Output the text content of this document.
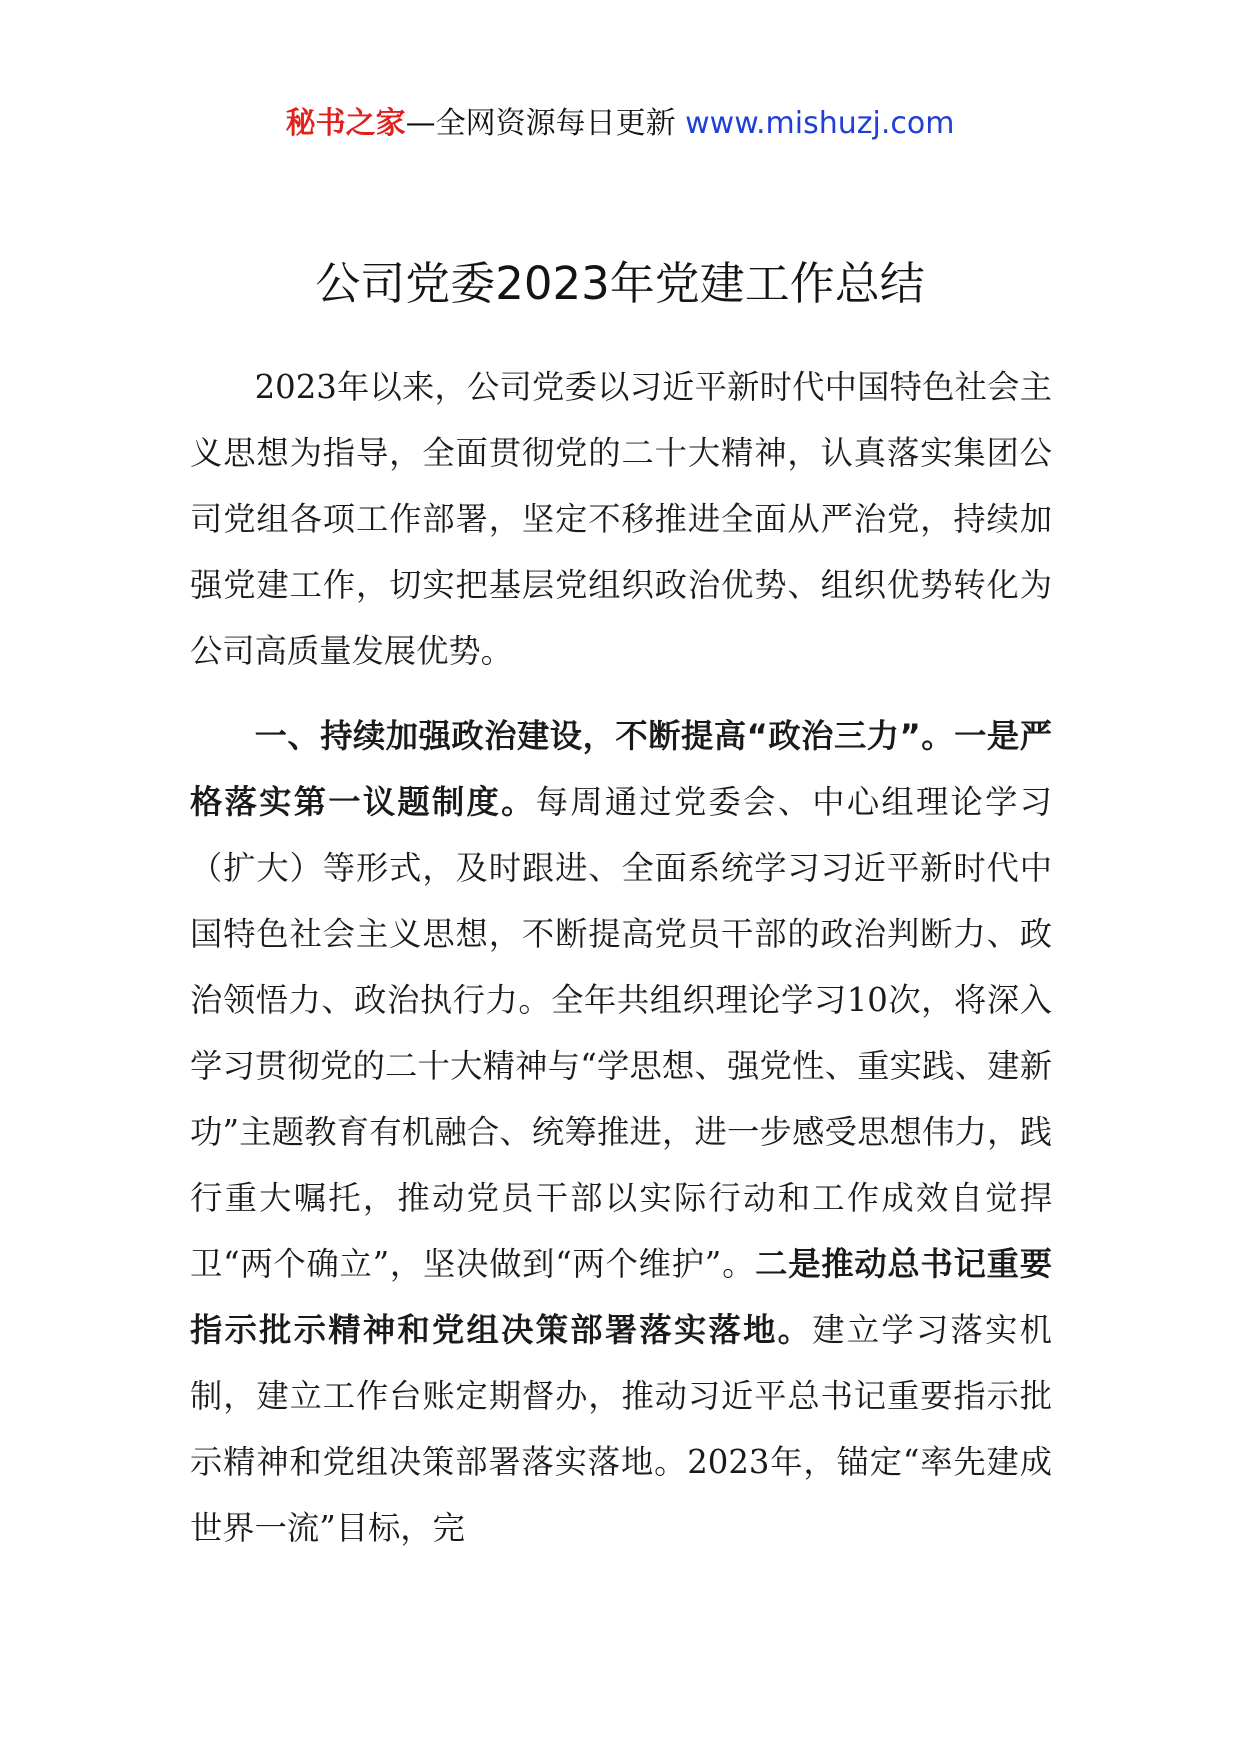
秘书之家—全网资源每日更新 www.mishuzj.com
公司党委2023年党建工作总结

2023年以来，公司党委以习近平新时代中国特色社会主义思想为指导，全面贯彻党的二十大精神，认真落实集团公司党组各项工作部署，坚定不移推进全面从严治党，持续加强党建工作，切实把基层党组织政治优势、组织优势转化为公司高质量发展优势。

一、持续加强政治建设，不断提高“政治三力”。一是严格落实第一议题制度。每周通过党委会、中心组理论学习（扩大）等形式，及时跟进、全面系统学习习近平新时代中国特色社会主义思想，不断提高党员干部的政治判断力、政治领悟力、政治执行力。全年共组织理论学习10次，将深入学习贯彻党的二十大精神与“学思想、强党性、重实践、建新功”主题教育有机融合、统筹推进，进一步感受思想伟力，践行重大嘱托，推动党员干部以实际行动和工作成效自觉捍卫“两个确立”，坚决做到“两个维护”。二是推动总书记重要指示批示精神和党组决策部署落实落地。建立学习落实机制，建立工作台账定期督办，推动习近平总书记重要指示批示精神和党组决策部署落实落地。2023年，锚定“率先建成世界一流”目标，完
